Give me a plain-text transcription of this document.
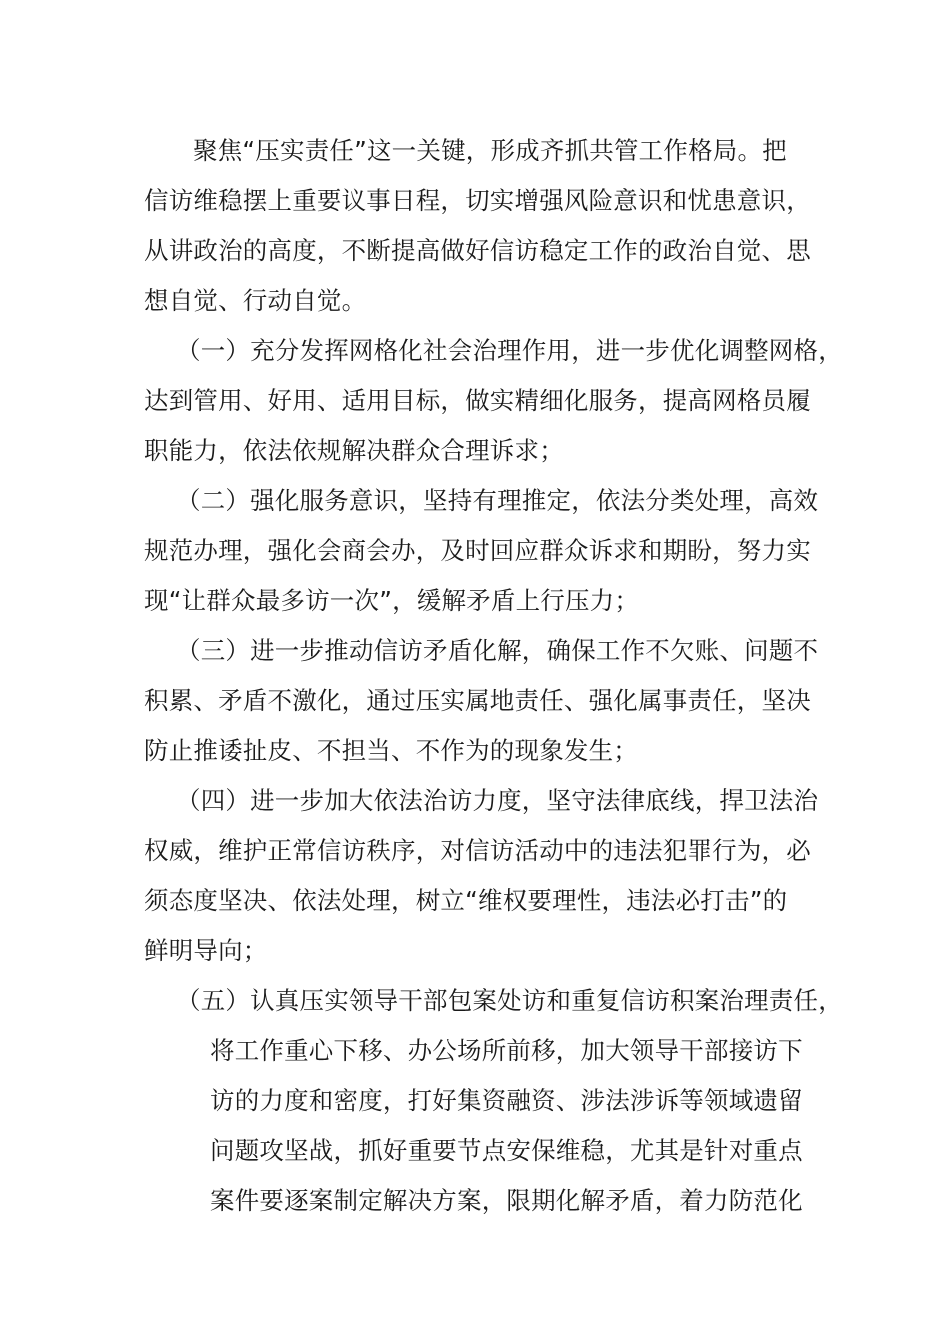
聚焦“压实责任”这一关键，形成齐抓共管工作格局。把
信访维稳摆上重要议事日程，切实增强风险意识和忧患意识，
从讲政治的高度，不断提高做好信访稳定工作的政治自觉、思
想自觉、行动自觉。
（一）充分发挥网格化社会治理作用，进一步优化调整网格，
达到管用、好用、适用目标，做实精细化服务，提高网格员履
职能力，依法依规解决群众合理诉求；
（二）强化服务意识，坚持有理推定，依法分类处理，高效
规范办理，强化会商会办，及时回应群众诉求和期盼，努力实
现“让群众最多访一次”，缓解矛盾上行压力；
（三）进一步推动信访矛盾化解，确保工作不欠账、问题不
积累、矛盾不激化，通过压实属地责任、强化属事责任，坚决
防止推诿扯皮、不担当、不作为的现象发生；
（四）进一步加大依法治访力度，坚守法律底线，捍卫法治
权威，维护正常信访秩序，对信访活动中的违法犯罪行为，必
须态度坚决、依法处理，树立“维权要理性，违法必打击”的
鲜明导向；
（五）认真压实领导干部包案处访和重复信访积案治理责任，
将工作重心下移、办公场所前移，加大领导干部接访下
访的力度和密度，打好集资融资、涉法涉诉等领域遗留
问题攻坚战，抓好重要节点安保维稳，尤其是针对重点
案件要逐案制定解决方案，限期化解矛盾，着力防范化
